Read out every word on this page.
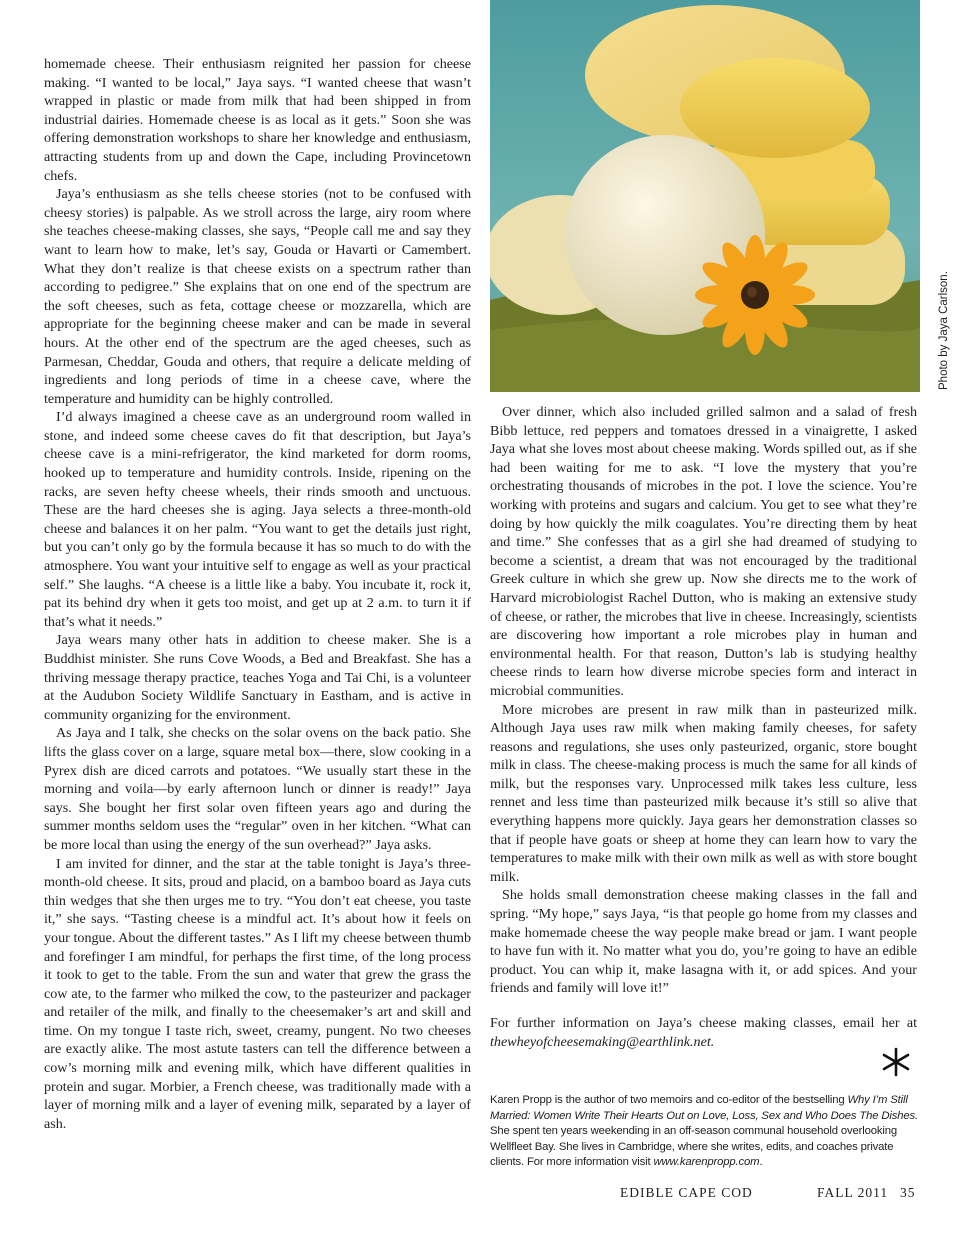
homemade cheese. Their enthusiasm reignited her passion for cheese making. “I wanted to be local,” Jaya says. “I wanted cheese that wasn’t wrapped in plastic or made from milk that had been shipped in from industrial dairies. Homemade cheese is as local as it gets.” Soon she was offering demonstration workshops to share her knowledge and enthusiasm, attracting students from up and down the Cape, including Provincetown chefs.

Jaya’s enthusiasm as she tells cheese stories (not to be confused with cheesy stories) is palpable. As we stroll across the large, airy room where she teaches cheese-making classes, she says, “People call me and say they want to learn how to make, let’s say, Gouda or Havarti or Camembert. What they don’t realize is that cheese exists on a spectrum rather than according to pedigree.” She explains that on one end of the spectrum are the soft cheeses, such as feta, cottage cheese or mozzarella, which are appropriate for the beginning cheese maker and can be made in several hours. At the other end of the spectrum are the aged cheeses, such as Parmesan, Cheddar, Gouda and others, that require a delicate melding of ingredients and long periods of time in a cheese cave, where the temperature and humidity can be highly controlled.

I’d always imagined a cheese cave as an underground room walled in stone, and indeed some cheese caves do fit that description, but Jaya’s cheese cave is a mini-refrigerator, the kind marketed for dorm rooms, hooked up to temperature and humidity controls. Inside, ripening on the racks, are seven hefty cheese wheels, their rinds smooth and unctuous. These are the hard cheeses she is aging. Jaya selects a three-month-old cheese and balances it on her palm. “You want to get the details just right, but you can’t only go by the formula because it has so much to do with the atmosphere. You want your intuitive self to engage as well as your practical self.” She laughs. “A cheese is a little like a baby. You incubate it, rock it, pat its behind dry when it gets too moist, and get up at 2 a.m. to turn it if that’s what it needs.”

Jaya wears many other hats in addition to cheese maker. She is a Buddhist minister. She runs Cove Woods, a Bed and Breakfast. She has a thriving message therapy practice, teaches Yoga and Tai Chi, is a volunteer at the Audubon Society Wildlife Sanctuary in Eastham, and is active in community organizing for the environment.

As Jaya and I talk, she checks on the solar ovens on the back patio. She lifts the glass cover on a large, square metal box—there, slow cooking in a Pyrex dish are diced carrots and potatoes. “We usually start these in the morning and voila—by early afternoon lunch or dinner is ready!” Jaya says. She bought her first solar oven fifteen years ago and during the summer months seldom uses the “regular” oven in her kitchen. “What can be more local than using the energy of the sun overhead?” Jaya asks.

I am invited for dinner, and the star at the table tonight is Jaya’s three-month-old cheese. It sits, proud and placid, on a bamboo board as Jaya cuts thin wedges that she then urges me to try. “You don’t eat cheese, you taste it,” she says. “Tasting cheese is a mindful act. It’s about how it feels on your tongue. About the different tastes.” As I lift my cheese between thumb and forefinger I am mindful, for perhaps the first time, of the long process it took to get to the table. From the sun and water that grew the grass the cow ate, to the farmer who milked the cow, to the pasteurizer and packager and retailer of the milk, and finally to the cheesemaker’s art and skill and time. On my tongue I taste rich, sweet, creamy, pungent. No two cheeses are exactly alike. The most astute tasters can tell the difference between a cow’s morning milk and evening milk, which have different qualities in protein and sugar. Morbier, a French cheese, was traditionally made with a layer of morning milk and a layer of evening milk, separated by a layer of ash.

Photo by Jaya Carlson.

Over dinner, which also included grilled salmon and a salad of fresh Bibb lettuce, red peppers and tomatoes dressed in a vinaigrette, I asked Jaya what she loves most about cheese making. Words spilled out, as if she had been waiting for me to ask. “I love the mystery that you’re orchestrating thousands of microbes in the pot. I love the science. You’re working with proteins and sugars and calcium. You get to see what they’re doing by how quickly the milk coagulates. You’re directing them by heat and time.” She confesses that as a girl she had dreamed of studying to become a scientist, a dream that was not encouraged by the traditional Greek culture in which she grew up. Now she directs me to the work of Harvard microbiologist Rachel Dutton, who is making an extensive study of cheese, or rather, the microbes that live in cheese. Increasingly, scientists are discovering how important a role microbes play in human and environmental health. For that reason, Dutton’s lab is studying healthy cheese rinds to learn how diverse microbe species form and interact in microbial communities.

More microbes are present in raw milk than in pasteurized milk. Although Jaya uses raw milk when making family cheeses, for safety reasons and regulations, she uses only pasteurized, organic, store bought milk in class. The cheese-making process is much the same for all kinds of milk, but the responses vary. Unprocessed milk takes less culture, less rennet and less time than pasteurized milk because it’s still so alive that everything happens more quickly. Jaya gears her demonstration classes so that if people have goats or sheep at home they can learn how to vary the temperatures to make milk with their own milk as well as with store bought milk.

She holds small demonstration cheese making classes in the fall and spring. “My hope,” says Jaya, “is that people go home from my classes and make homemade cheese the way people make bread or jam. I want people to have fun with it. No matter what you do, you’re going to have an edible product. You can whip it, make lasagna with it, or add spices. And your friends and family will love it!”

For further information on Jaya’s cheese making classes, email her at thewheyofcheesemaking@earthlink.net.

Karen Propp is the author of two memoirs and co-editor of the bestselling Why I’m Still Married: Women Write Their Hearts Out on Love, Loss, Sex and Who Does The Dishes. She spent ten years weekending in an off-season communal household overlooking Wellfleet Bay. She lives in Cambridge, where she writes, edits, and coaches private clients. For more information visit www.karenpropp.com.
EDIBLE CAPE COD	FALL 2011 35
